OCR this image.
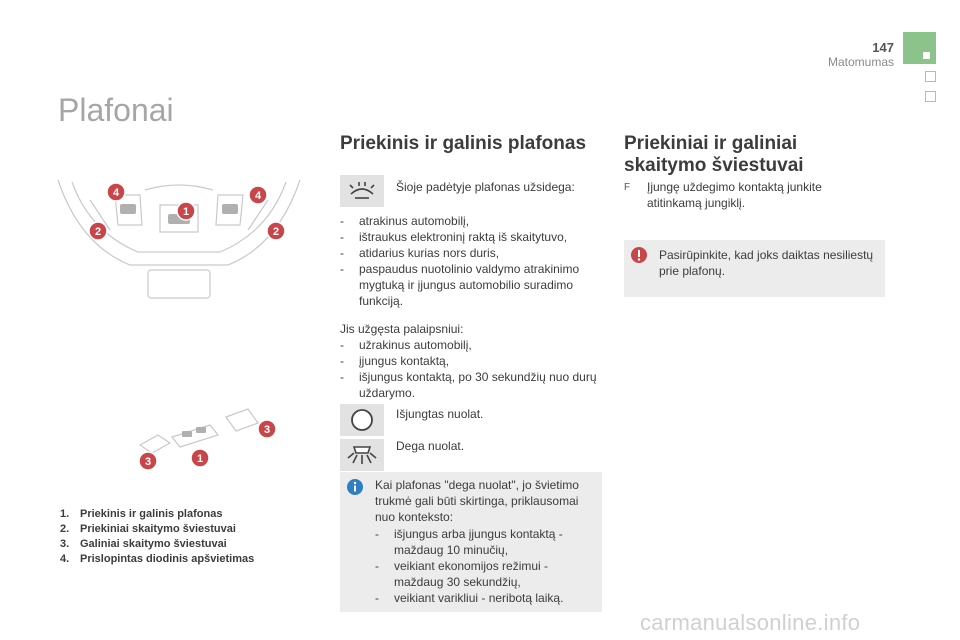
147
Matomumas
Plafonai
4	4
1
2	2
3
3	1
1. Priekinis ir galinis plafonas
2. Priekiniai skaitymo šviestuvai
3. Galiniai skaitymo šviestuvai
4. Prislopintas diodinis apšvietimas
Priekinis ir galinis plafonas
Šioje padėtyje plafonas užsidega:
- atrakinus automobilį,
- ištraukus elektroninį raktą iš skaitytuvo,
- atidarius kurias nors duris,
- paspaudus nuotolinio valdymo atrakinimo mygtuką ir įjungus automobilio suradimo funkciją.
Jis užgęsta palaipsniui:
- užrakinus automobilį,
- įjungus kontaktą,
- išjungus kontaktą, po 30 sekundžių nuo durų uždarymo.
Išjungtas nuolat.
Dega nuolat.
Kai plafonas "dega nuolat", jo švietimo trukmė gali būti skirtinga, priklausomai nuo konteksto:
- išjungus arba įjungus kontaktą - maždaug 10 minučių,
- veikiant ekonomijos režimui - maždaug 30 sekundžių,
- veikiant varikliui - neribotą laiką.
Priekiniai ir galiniai skaitymo šviestuvai
F	Įjungę uždegimo kontaktą junkite atitinkamą jungiklį.
Pasirūpinkite, kad joks daiktas nesiliestų prie plafonų.
carmanualsonline.info
